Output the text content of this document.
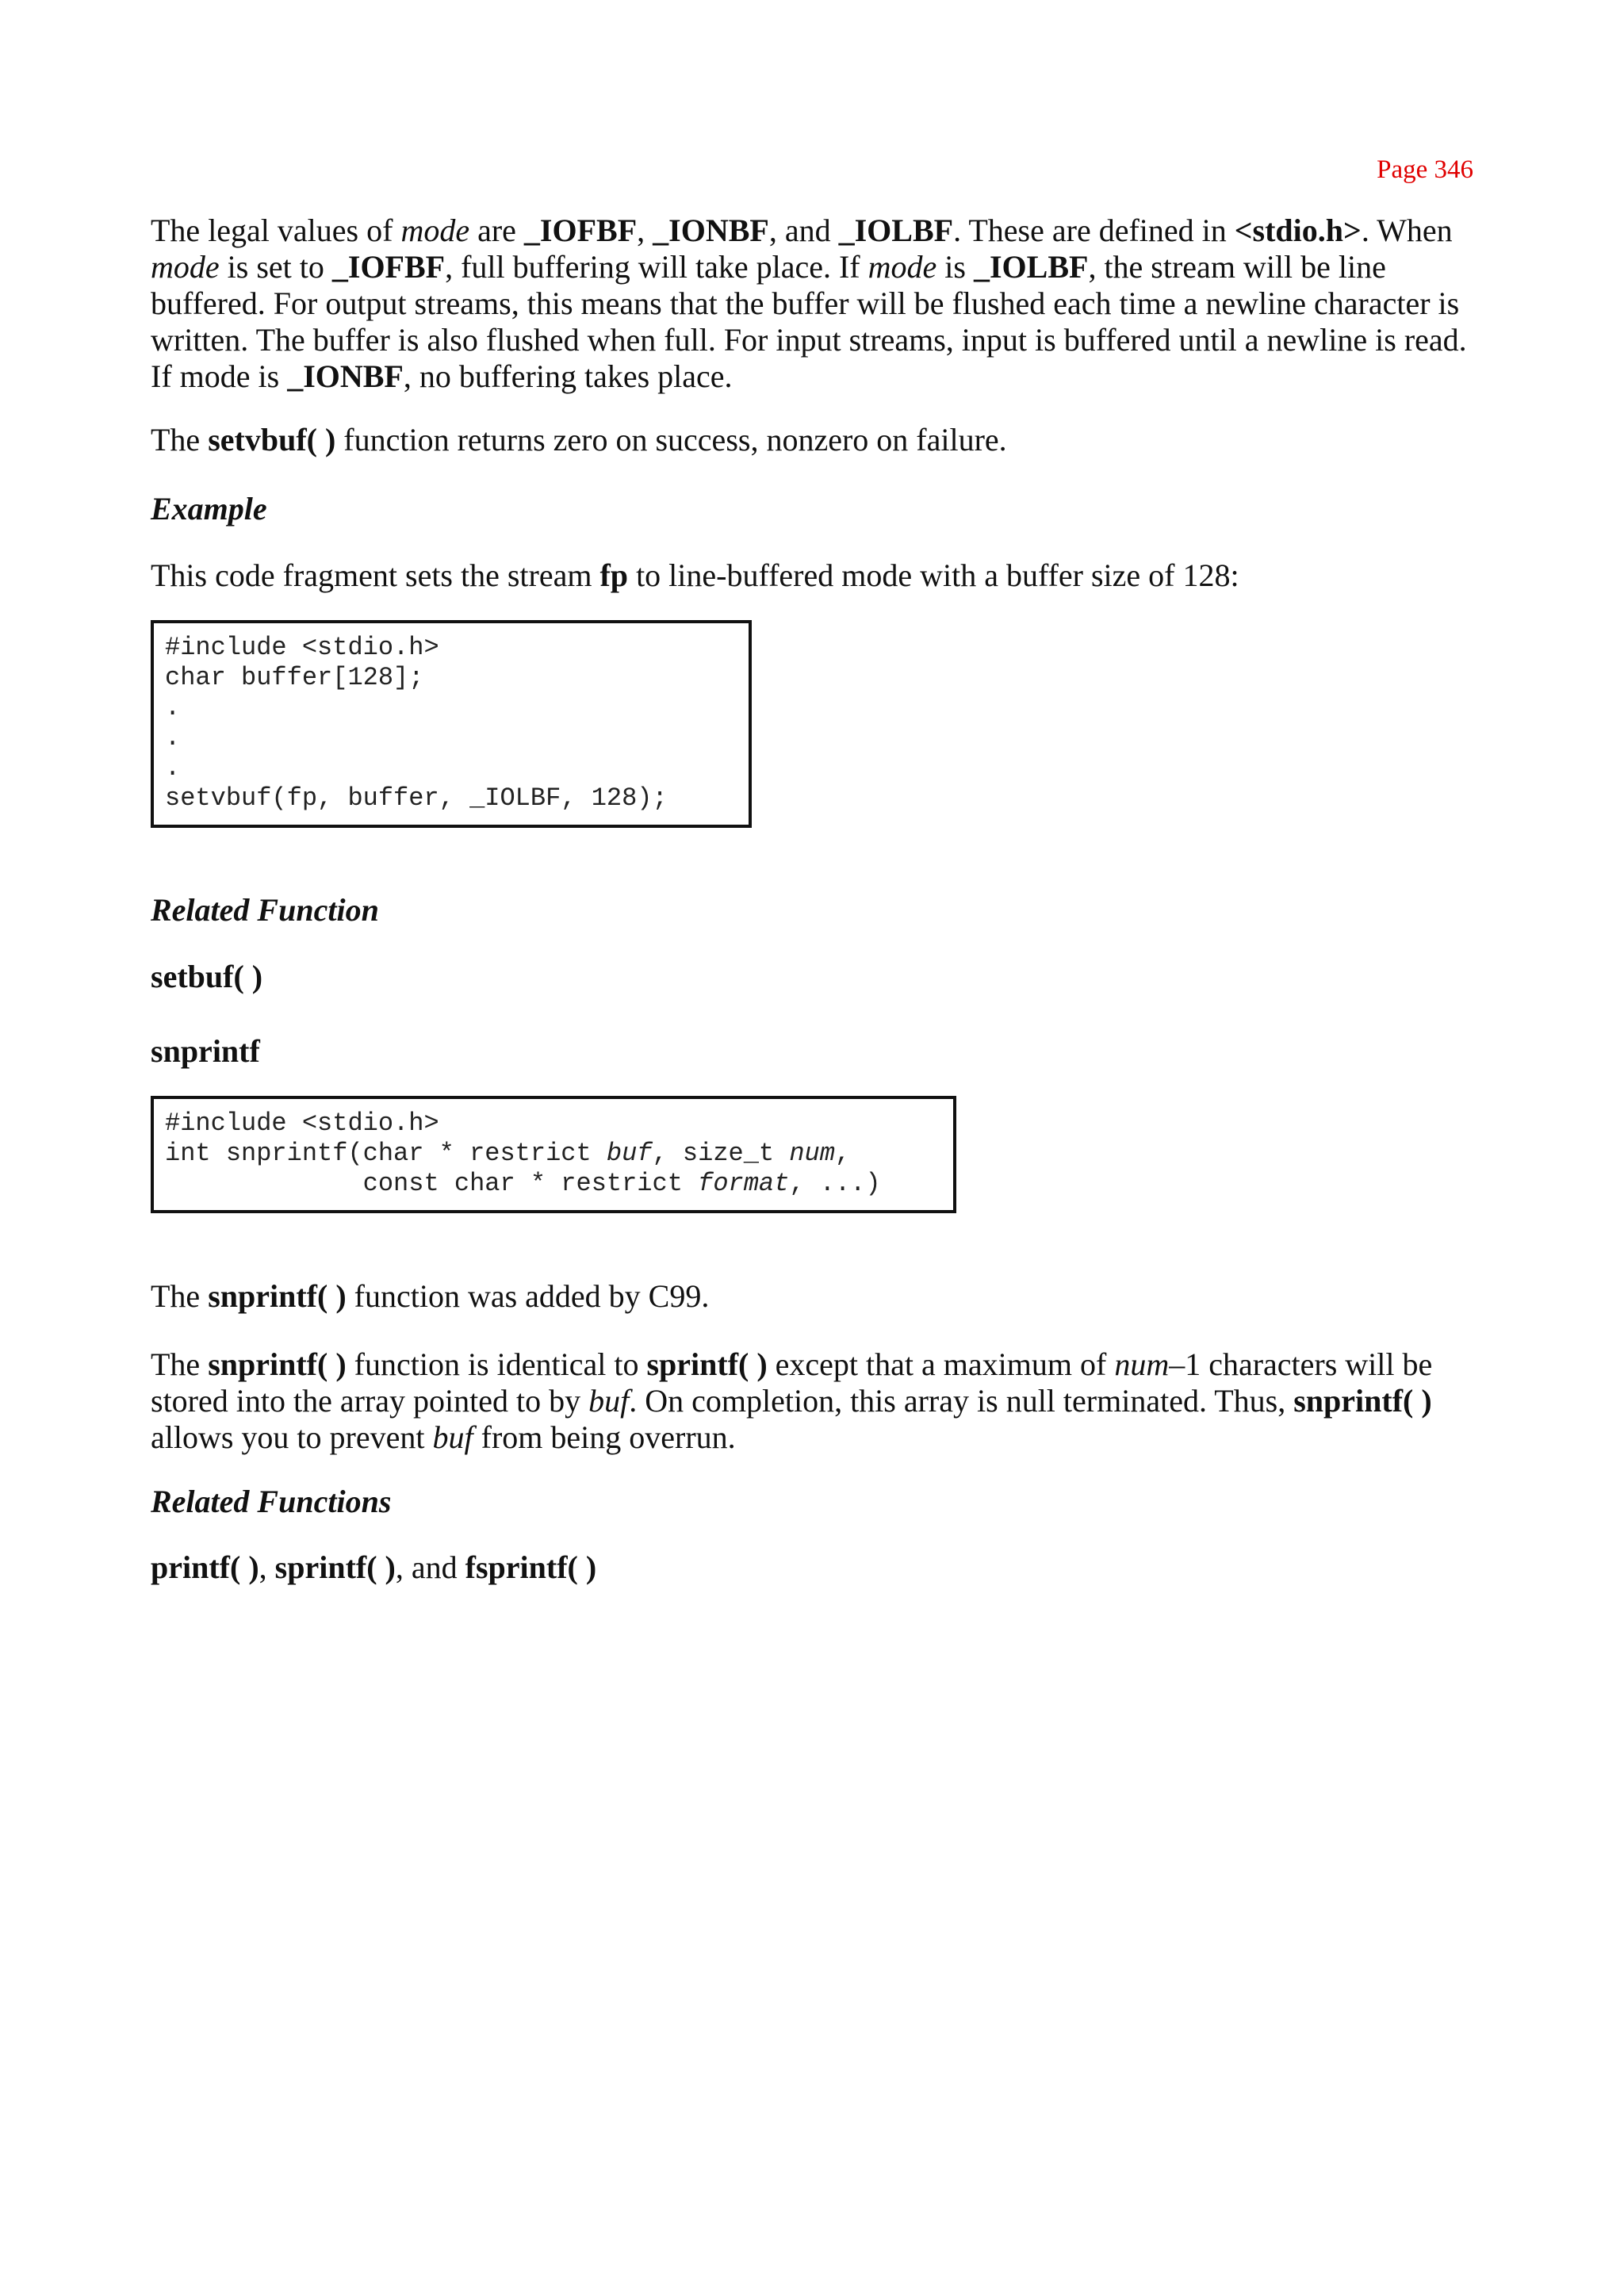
Page 346

The legal values of mode are _IOFBF, _IONBF, and _IOLBF. These are defined in <stdio.h>. When mode is set to _IOFBF, full buffering will take place. If mode is _IOLBF, the stream will be line buffered. For output streams, this means that the buffer will be flushed each time a newline character is written. The buffer is also flushed when full. For input streams, input is buffered until a newline is read. If mode is _IONBF, no buffering takes place.

The setvbuf( ) function returns zero on success, nonzero on failure.

Example

This code fragment sets the stream fp to line-buffered mode with a buffer size of 128:

#include <stdio.h>
char buffer[128];
.
.
.
setvbuf(fp, buffer, _IOLBF, 128);
Related Function
setbuf( )
snprintf
#include <stdio.h>
int snprintf(char * restrict buf, size_t num,
const char * restrict format, ...)

The snprintf( ) function was added by C99.

The snprintf( ) function is identical to sprintf( ) except that a maximum of num–1 characters will be stored into the array pointed to by buf. On completion, this array is null terminated. Thus, snprintf( ) allows you to prevent buf from being overrun.

Related Functions

printf( ), sprintf( ), and fsprintf( )
